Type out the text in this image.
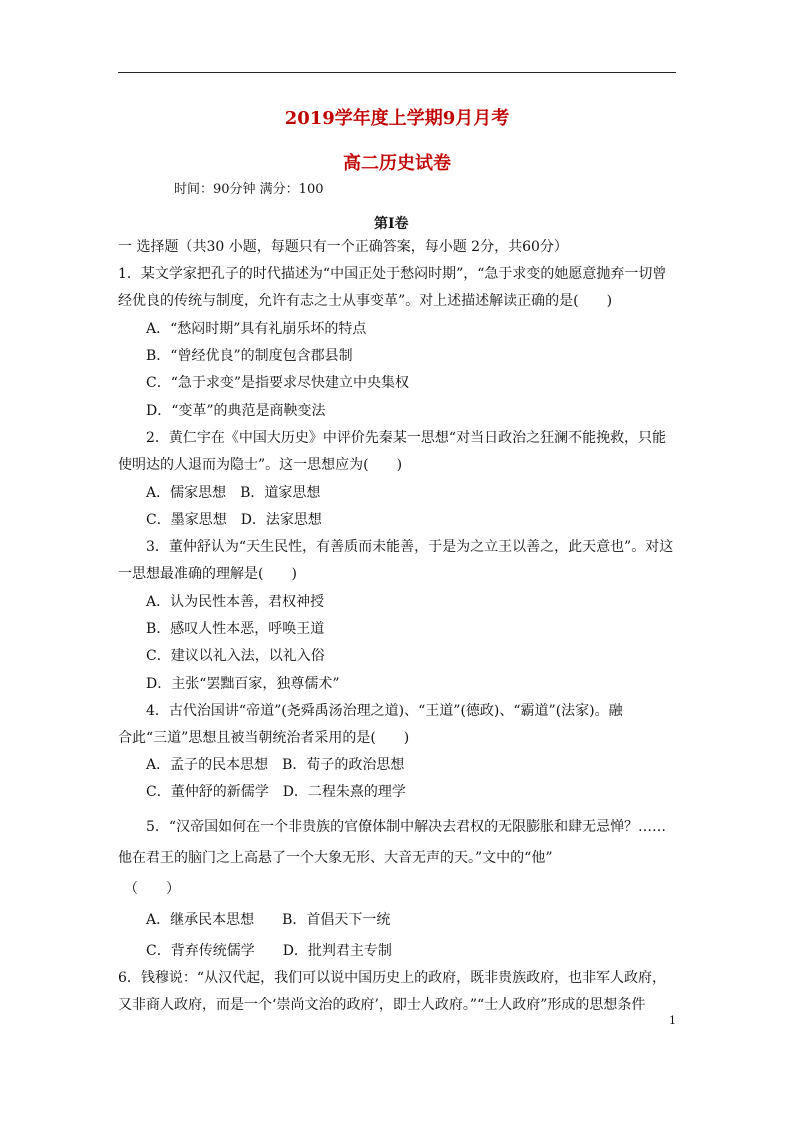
2019学年度上学期9月月考
高二历史试卷
时间：90分钟 满分：100
第Ⅰ卷
一 选择题（共30 小题，每题只有一个正确答案，每小题 2分，共60分）
1．某文学家把孔子的时代描述为“中国正处于愁闷时期”，“急于求变的她愿意抛弃一切曾
经优良的传统与制度，允许有志之士从事变革”。对上述描述解读正确的是(　　)
A．“愁闷时期”具有礼崩乐坏的特点
B．“曾经优良”的制度包含郡县制
C．“急于求变”是指要求尽快建立中央集权
D．“变革”的典范是商鞅变法
2．黄仁宇在《中国大历史》中评价先秦某一思想“对当日政治之狂澜不能挽救，只能
使明达的人退而为隐士”。这一思想应为(　　)
A．儒家思想　B．道家思想
C．墨家思想　D．法家思想
3．董仲舒认为“天生民性，有善质而未能善，于是为之立王以善之，此天意也”。对这
一思想最准确的理解是(　　)
A．认为民性本善，君权神授
B．感叹人性本恶，呼唤王道
C．建议以礼入法，以礼入俗
D．主张“罢黜百家，独尊儒术”
4．古代治国讲“帝道”(尧舜禹汤治理之道)、“王道”(德政)、“霸道”(法家)。融
合此“三道”思想且被当朝统治者采用的是(　　)
A．孟子的民本思想　B．荀子的政治思想
C．董仲舒的新儒学　D．二程朱熹的理学
5．“汉帝国如何在一个非贵族的官僚体制中解决去君权的无限膨胀和肆无忌惮？……
他在君王的脑门之上高悬了一个大象无形、大音无声的天。”文中的“他”
（　　）
A．继承民本思想　　B．首倡天下一统
C．背弃传统儒学　　D．批判君主专制
6．钱穆说：“从汉代起，我们可以说中国历史上的政府，既非贵族政府，也非军人政府，
又非商人政府，而是一个‘崇尚文治的政府’，即士人政府。”“士人政府”形成的思想条件
1
